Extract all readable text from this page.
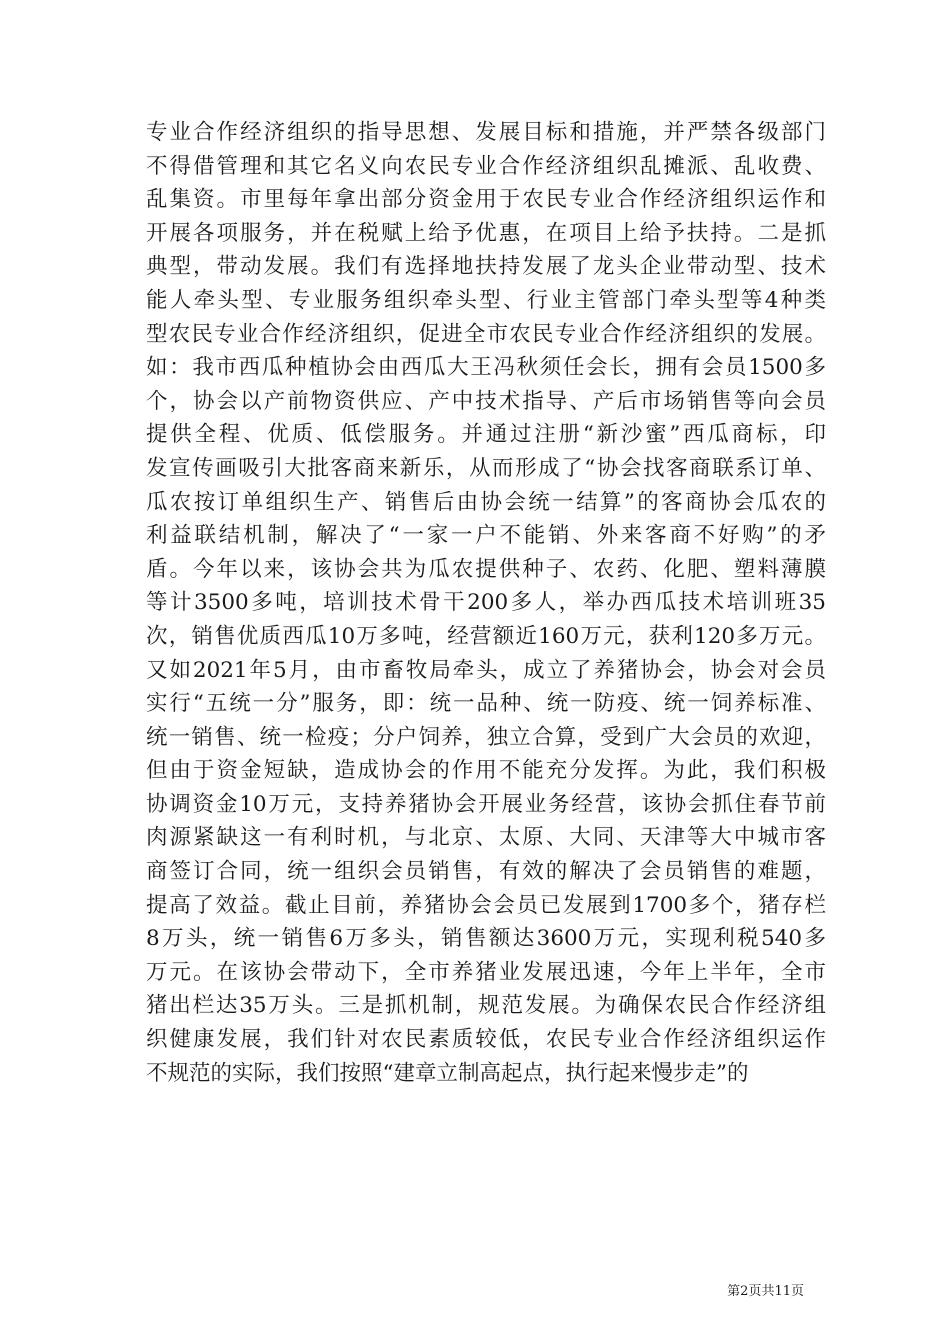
专业合作经济组织的指导思想、发展目标和措施，并严禁各级部门
不得借管理和其它名义向农民专业合作经济组织乱摊派、乱收费、
乱集资。市里每年拿出部分资金用于农民专业合作经济组织运作和
开展各项服务，并在税赋上给予优惠，在项目上给予扶持。二是抓
典型，带动发展。我们有选择地扶持发展了龙头企业带动型、技术
能人牵头型、专业服务组织牵头型、行业主管部门牵头型等4种类
型农民专业合作经济组织，促进全市农民专业合作经济组织的发展。
如：我市西瓜种植协会由西瓜大王冯秋须任会长，拥有会员1500多
个，协会以产前物资供应、产中技术指导、产后市场销售等向会员
提供全程、优质、低偿服务。并通过注册“新沙蜜”西瓜商标，印
发宣传画吸引大批客商来新乐，从而形成了“协会找客商联系订单、
瓜农按订单组织生产、销售后由协会统一结算”的客商协会瓜农的
利益联结机制，解决了“一家一户不能销、外来客商不好购”的矛
盾。今年以来，该协会共为瓜农提供种子、农药、化肥、塑料薄膜
等计3500多吨，培训技术骨干200多人，举办西瓜技术培训班35
次，销售优质西瓜10万多吨，经营额近160万元，获利120多万元。
又如2021年5月，由市畜牧局牵头，成立了养猪协会，协会对会员
实行“五统一分”服务，即：统一品种、统一防疫、统一饲养标准、
统一销售、统一检疫；分户饲养，独立合算，受到广大会员的欢迎，
但由于资金短缺，造成协会的作用不能充分发挥。为此，我们积极
协调资金10万元，支持养猪协会开展业务经营，该协会抓住春节前
肉源紧缺这一有利时机，与北京、太原、大同、天津等大中城市客
商签订合同，统一组织会员销售，有效的解决了会员销售的难题，
提高了效益。截止目前，养猪协会会员已发展到1700多个，猪存栏
8万头，统一销售6万多头，销售额达3600万元，实现利税540多
万元。在该协会带动下，全市养猪业发展迅速，今年上半年，全市
猪出栏达35万头。三是抓机制，规范发展。为确保农民合作经济组
织健康发展，我们针对农民素质较低，农民专业合作经济组织运作
不规范的实际，我们按照“建章立制高起点，执行起来慢步走”的
第2页共11页
